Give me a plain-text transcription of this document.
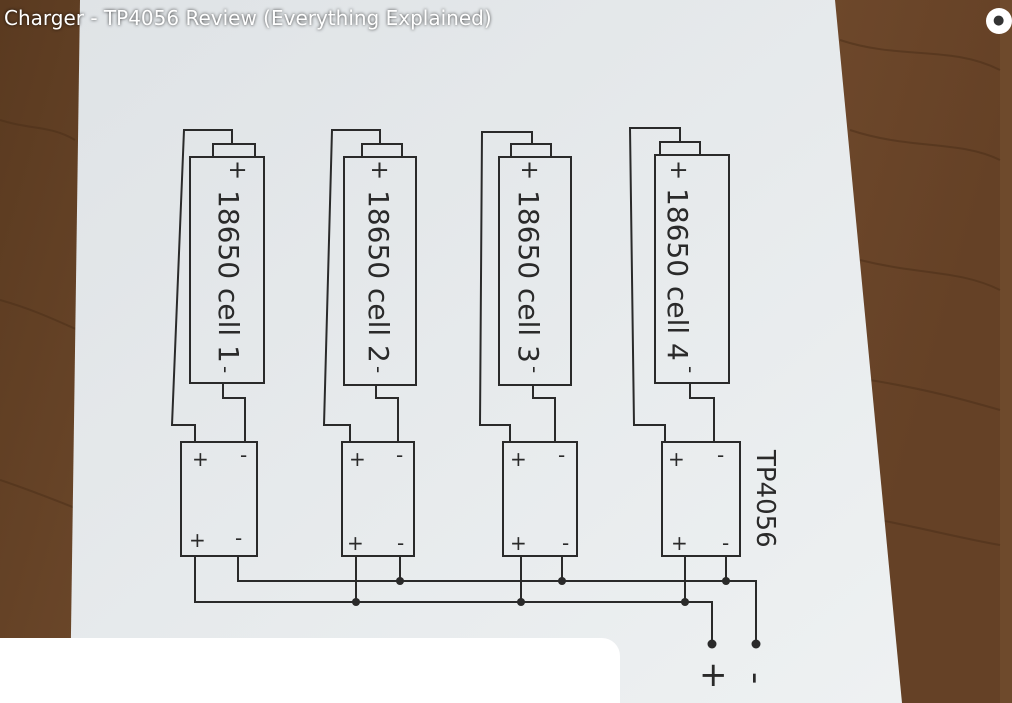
+
18650 cell 1
-
+
18650 cell 2
-
+
18650 cell 3
-
+
18650 cell 4
-
+ -
+ -
+ -
+ -
+ -
+ -
+ -
+ - TP4056
+ -
Charger - TP4056 Review (Everything Explained)	●
